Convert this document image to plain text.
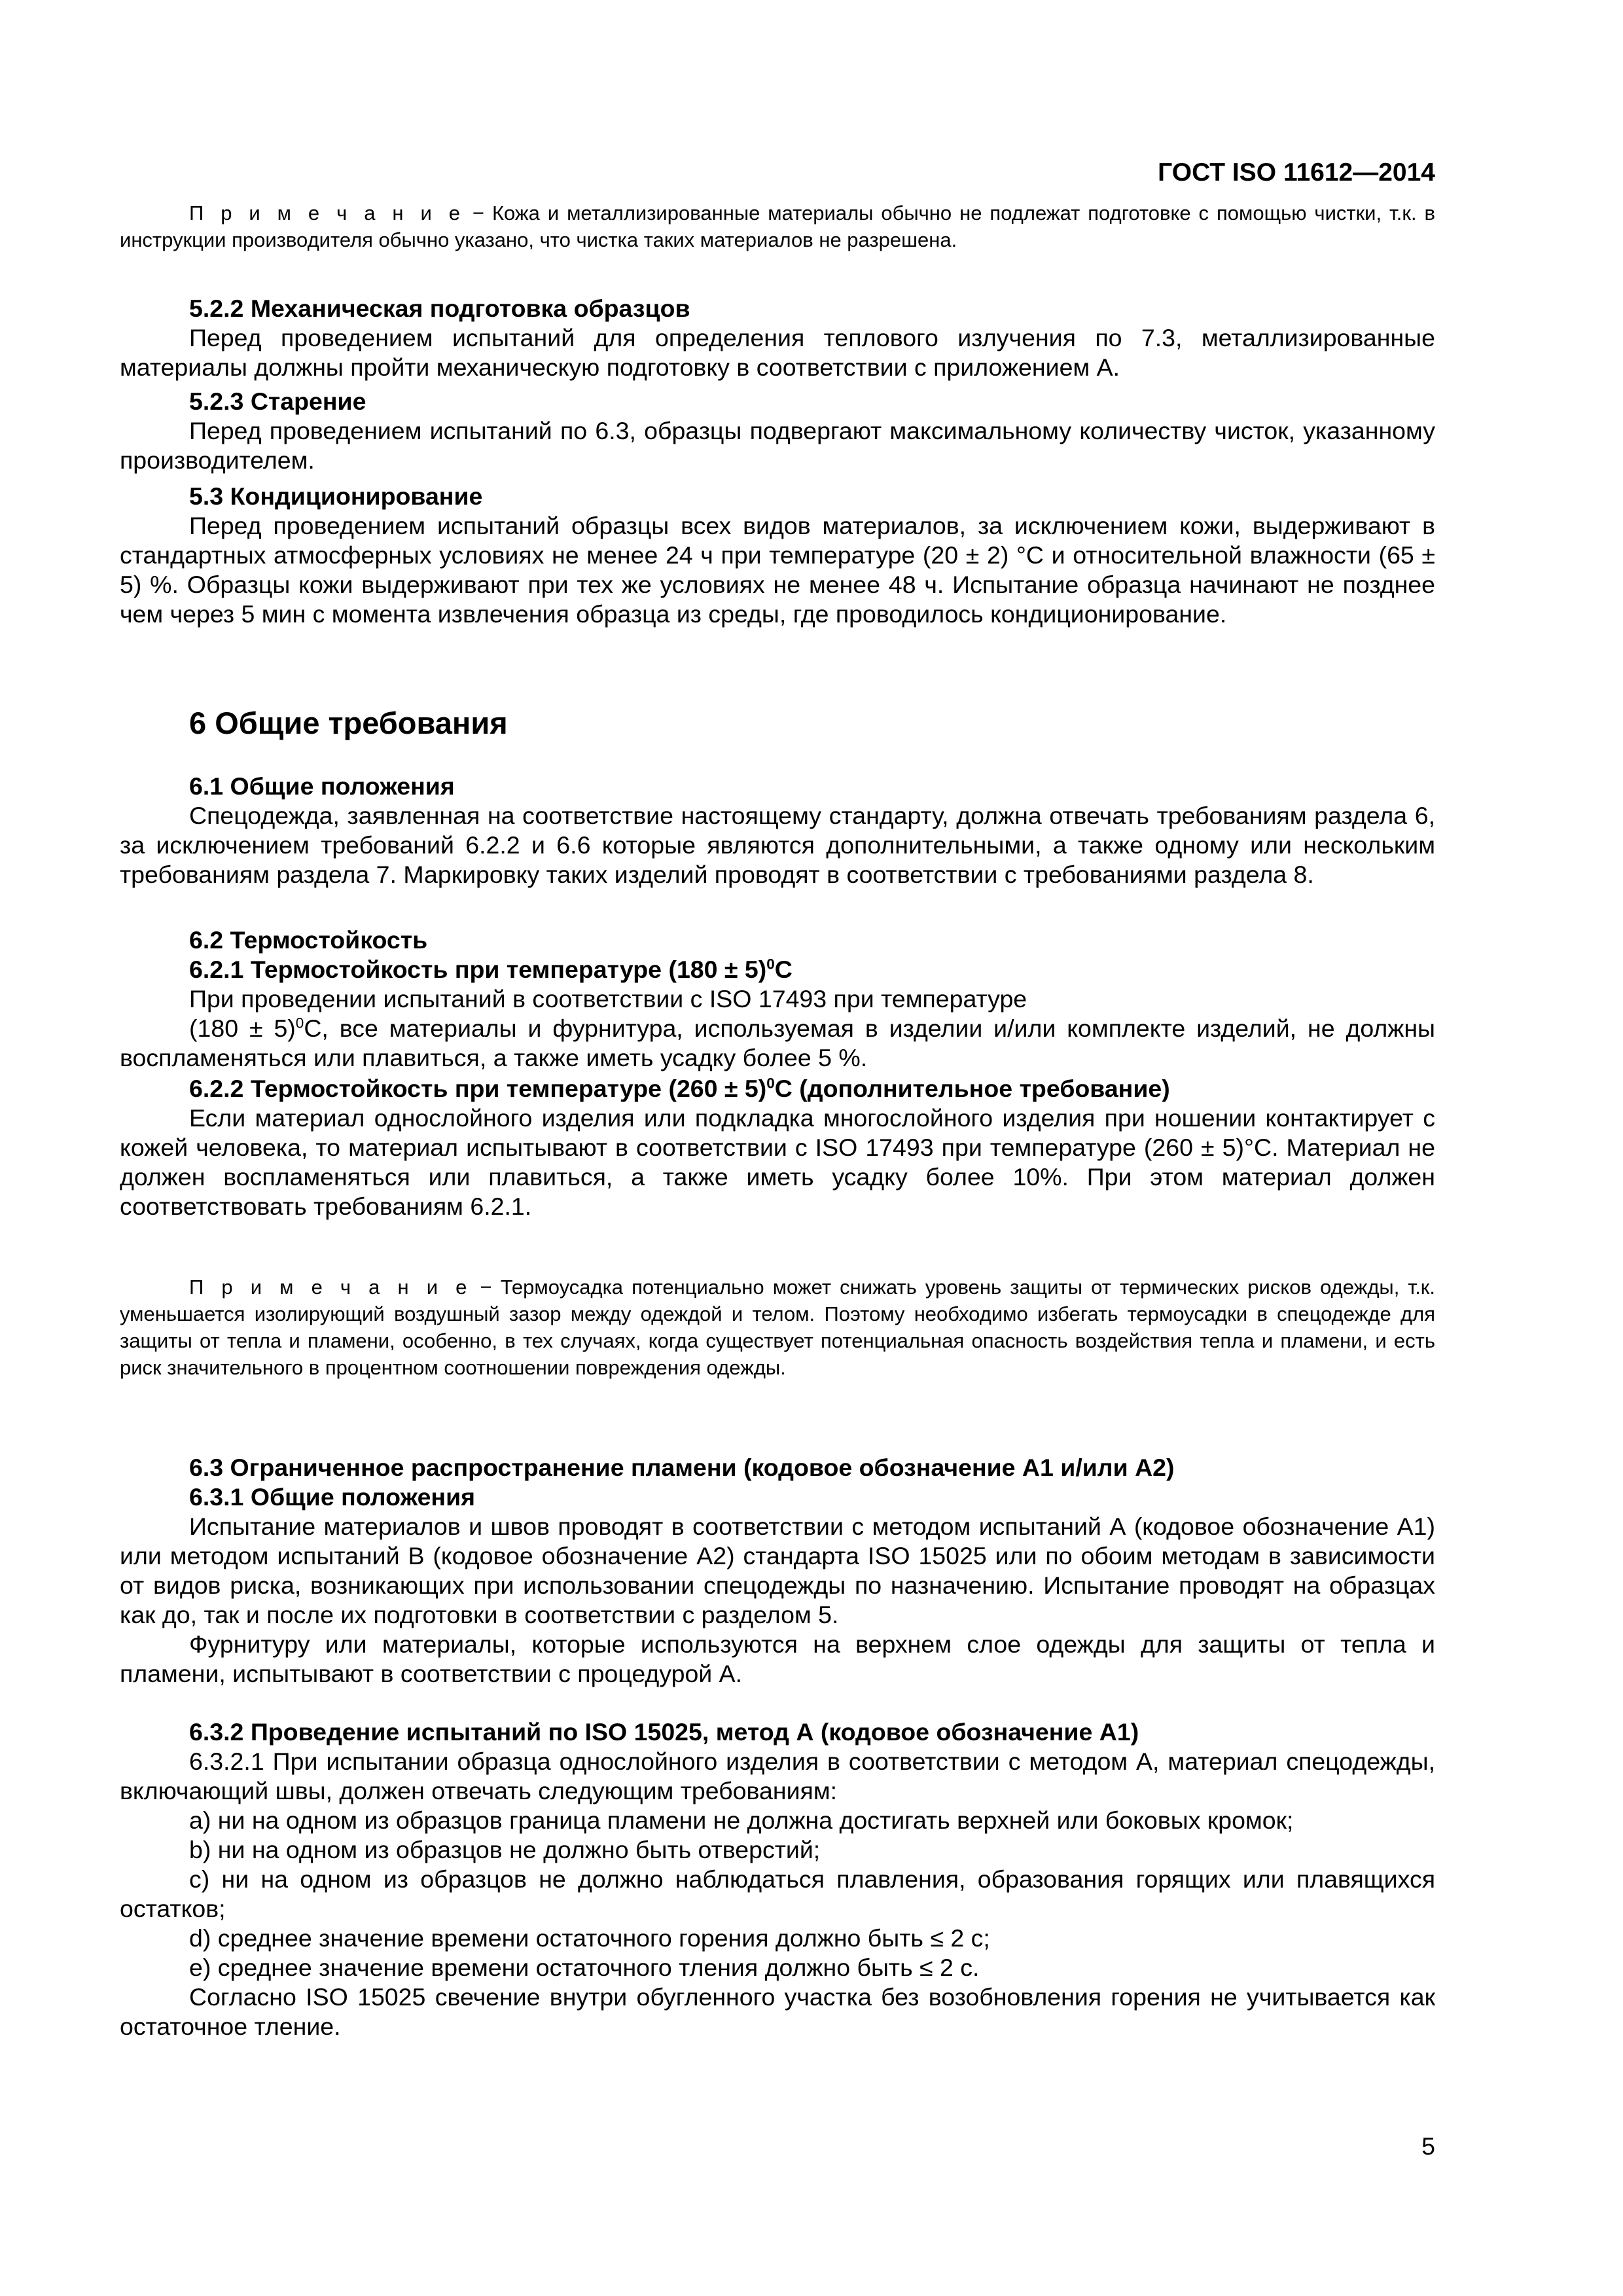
ГОСТ ISO 11612—2014

П р и м е ч а н и е − Кожа и металлизированные материалы обычно не подлежат подготовке с помощью чистки, т.к. в инструкции производителя обычно указано, что чистка таких материалов не разрешена.

5.2.2 Механическая подготовка образцов

Перед проведением испытаний для определения теплового излучения по 7.3, металлизированные материалы должны пройти механическую подготовку в соответствии с приложением А.

5.2.3 Старение

Перед проведением испытаний по 6.3, образцы подвергают максимальному количеству чисток, указанному производителем.

5.3 Кондиционирование

Перед проведением испытаний образцы всех видов материалов, за исключением кожи, выдерживают в стандартных атмосферных условиях не менее 24 ч при температуре (20 ± 2) °С и относительной влажности (65 ± 5) %. Образцы кожи выдерживают при тех же условиях не менее 48 ч. Испытание образца начинают не позднее чем через 5 мин с момента извлечения образца из среды, где проводилось кондиционирование.

6 Общие требования

6.1 Общие положения

Спецодежда, заявленная на соответствие настоящему стандарту, должна отвечать требованиям раздела 6, за исключением требований 6.2.2 и 6.6 которые являются дополнительными, а также одному или нескольким требованиям раздела 7. Маркировку таких изделий проводят в соответствии с требованиями раздела 8.

6.2 Термостойкость

6.2.1 Термостойкость при температуре $(180 \pm 5)^0С$

При проведении испытаний в соответствии с ISO 17493 при температуре

$(180 \pm 5)^0С$, все материалы и фурнитура, используемая в изделии и/или комплекте изделий, не должны воспламеняться или плавиться, а также иметь усадку более 5 %.

6.2.2 Термостойкость при температуре $(260 \pm 5)^0С$ (дополнительное требование)

Если материал однослойного изделия или подкладка многослойного изделия при ношении контактирует с кожей человека, то материал испытывают в соответствии с ISO 17493 при температуре (260 ± 5)°С. Материал не должен воспламеняться или плавиться, а также иметь усадку более 10%. При этом материал должен соответствовать требованиям 6.2.1.

П р и м е ч а н и е − Термоусадка потенциально может снижать уровень защиты от термических рисков одежды, т.к. уменьшается изолирующий воздушный зазор между одеждой и телом. Поэтому необходимо избегать термоусадки в спецодежде для защиты от тепла и пламени, особенно, в тех случаях, когда существует потенциальная опасность воздействия тепла и пламени, и есть риск значительного в процентном соотношении повреждения одежды.

6.3 Ограниченное распространение пламени (кодовое обозначение А1 и/или А2)

6.3.1 Общие положения

Испытание материалов и швов проводят в соответствии с методом испытаний А (кодовое обозначение А1) или методом испытаний В (кодовое обозначение А2) стандарта ISO 15025 или по обоим методам в зависимости от видов риска, возникающих при использовании спецодежды по назначению. Испытание проводят на образцах как до, так и после их подготовки в соответствии с разделом 5.

Фурнитуру или материалы, которые используются на верхнем слое одежды для защиты от тепла и пламени, испытывают в соответствии с процедурой А.

6.3.2 Проведение испытаний по ISO 15025, метод А (кодовое обозначение А1)

6.3.2.1 При испытании образца однослойного изделия в соответствии с методом А, материал спецодежды, включающий швы, должен отвечать следующим требованиям:

a) ни на одном из образцов граница пламени не должна достигать верхней или боковых кромок;

b) ни на одном из образцов не должно быть отверстий;

c) ни на одном из образцов не должно наблюдаться плавления, образования горящих или плавящихся остатков;

d) среднее значение времени остаточного горения должно быть ≤ 2 с;

e) среднее значение времени остаточного тления должно быть ≤ 2 с.

Согласно ISO 15025 свечение внутри обугленного участка без возобновления горения не учитывается как остаточное тление.

5
